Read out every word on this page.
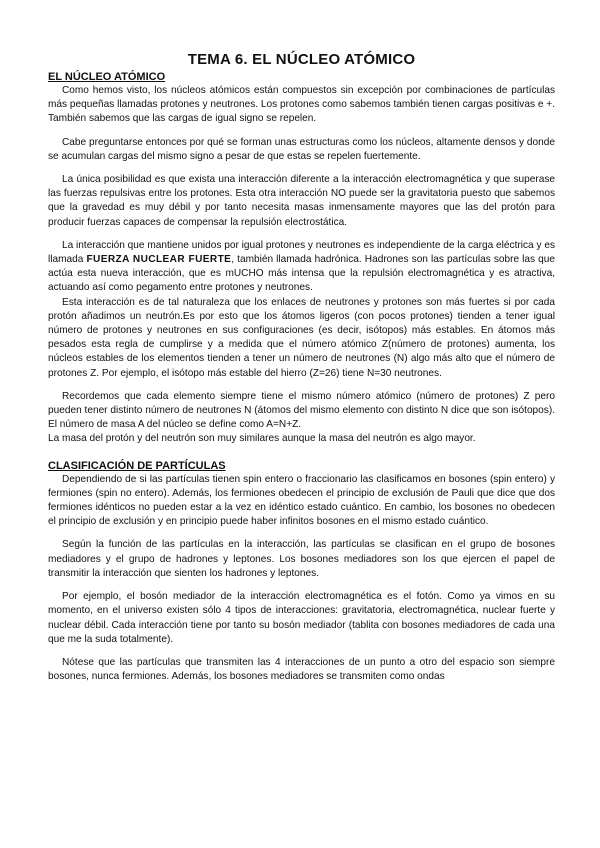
TEMA 6. EL NÚCLEO ATÓMICO
EL NÚCLEO ATÓMICO

Como hemos visto, los núcleos atómicos están compuestos sin excepción por combinaciones de partículas más pequeñas llamadas protones y neutrones. Los protones como sabemos también tienen cargas positivas e +. También sabemos que las cargas de igual signo se repelen.

Cabe preguntarse entonces por qué se forman unas estructuras como los núcleos, altamente densos y donde se acumulan cargas del mismo signo a pesar de que estas se repelen fuertemente.

La única posibilidad es que exista una interacción diferente a la interacción electromagnética y que superase las fuerzas repulsivas entre los protones. Esta otra interacción NO puede ser la gravitatoria puesto que sabemos que la gravedad es muy débil y por tanto necesita masas inmensamente mayores que las del protón para producir fuerzas capaces de compensar la repulsión electrostática.

La interacción que mantiene unidos por igual protones y neutrones es independiente de la carga eléctrica y es llamada FUERZA NUCLEAR FUERTE, también llamada hadrónica. Hadrones son las partículas sobre las que actúa esta nueva interacción, que es mUCHO más intensa que la repulsión electromagnética y es atractiva, actuando así como pegamento entre protones y neutrones.

Esta interacción es de tal naturaleza que los enlaces de neutrones y protones son más fuertes si por cada protón añadimos un neutrón.Es por esto que los átomos ligeros (con pocos protones) tienden a tener igual número de protones y neutrones en sus configuraciones (es decir, isótopos) más estables. En átomos más pesados esta regla de cumplirse y a medida que el número atómico Z(número de protones) aumenta, los núcleos estables de los elementos tienden a tener un número de neutrones (N) algo más alto que el número de protones Z. Por ejemplo, el isótopo más estable del hierro (Z=26) tiene N=30 neutrones.

Recordemos que cada elemento siempre tiene el mismo número atómico (número de protones) Z pero pueden tener distinto número de neutrones N (átomos del mismo elemento con distinto N dice que son isótopos). El número de masa A del núcleo se define como A=N+Z.

La masa del protón y del neutrón son muy similares aunque la masa del neutrón es algo mayor.

CLASIFICACIÓN DE PARTÍCULAS

Dependiendo de si las partículas tienen spin entero o fraccionario las clasificamos en bosones (spin entero) y fermiones (spin no entero). Además, los fermiones obedecen el principio de exclusión de Pauli que dice que dos fermiones idénticos no pueden estar a la vez en idéntico estado cuántico. En cambio, los bosones no obedecen el principio de exclusión y en principio puede haber infinitos bosones en el mismo estado cuántico.

Según la función de las partículas en la interacción, las partículas se clasifican en el grupo de bosones mediadores y el grupo de hadrones y leptones. Los bosones mediadores son los que ejercen el papel de transmitir la interacción que sienten los hadrones y leptones.

Por ejemplo, el bosón mediador de la interacción electromagnética es el fotón. Como ya vimos en su momento, en el universo existen sólo 4 tipos de interacciones: gravitatoria, electromagnética, nuclear fuerte y nuclear débil. Cada interacción tiene por tanto su bosón mediador (tablita con bosones mediadores de cada una que me la suda totalmente).

Nótese que las partículas que transmiten las 4 interacciones de un punto a otro del espacio son siempre bosones, nunca fermiones. Además, los bosones mediadores se transmiten como ondas
